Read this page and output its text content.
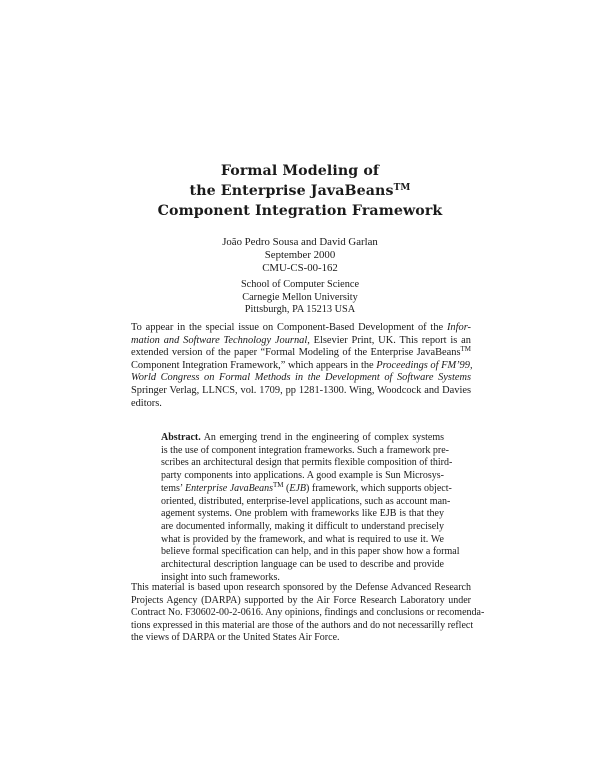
Formal Modeling of
the Enterprise JavaBeans™
Component Integration Framework
João Pedro Sousa and David Garlan
September 2000
CMU-CS-00-162
School of Computer Science
Carnegie Mellon University
Pittsburgh, PA 15213 USA
To appear in the special issue on Component-Based Development of the Infor-
mation and Software Technology Journal, Elsevier Print, UK. This report is an
extended version of the paper “Formal Modeling of the Enterprise JavaBeans™
Component Integration Framework,” which appears in the Proceedings of FM’99,
World Congress on Formal Methods in the Development of Software Systems
Springer Verlag, LLNCS, vol. 1709, pp 1281-1300. Wing, Woodcock and Davies
editors.
Abstract. An emerging trend in the engineering of complex systems
is the use of component integration frameworks. Such a framework pre-
scribes an architectural design that permits flexible composition of third-
party components into applications. A good example is Sun Microsys-
tems’ Enterprise JavaBeans™ (EJB) framework, which supports object-
oriented, distributed, enterprise-level applications, such as account man-
agement systems. One problem with frameworks like EJB is that they
are documented informally, making it difficult to understand precisely
what is provided by the framework, and what is required to use it. We
believe formal specification can help, and in this paper show how a formal
architectural description language can be used to describe and provide
insight into such frameworks.
This material is based upon research sponsored by the Defense Advanced Research
Projects Agency (DARPA) supported by the Air Force Research Laboratory under
Contract No. F30602-00-2-0616. Any opinions, findings and conclusions or recomenda-
tions expressed in this material are those of the authors and do not necessarilly reflect
the views of DARPA or the United States Air Force.
